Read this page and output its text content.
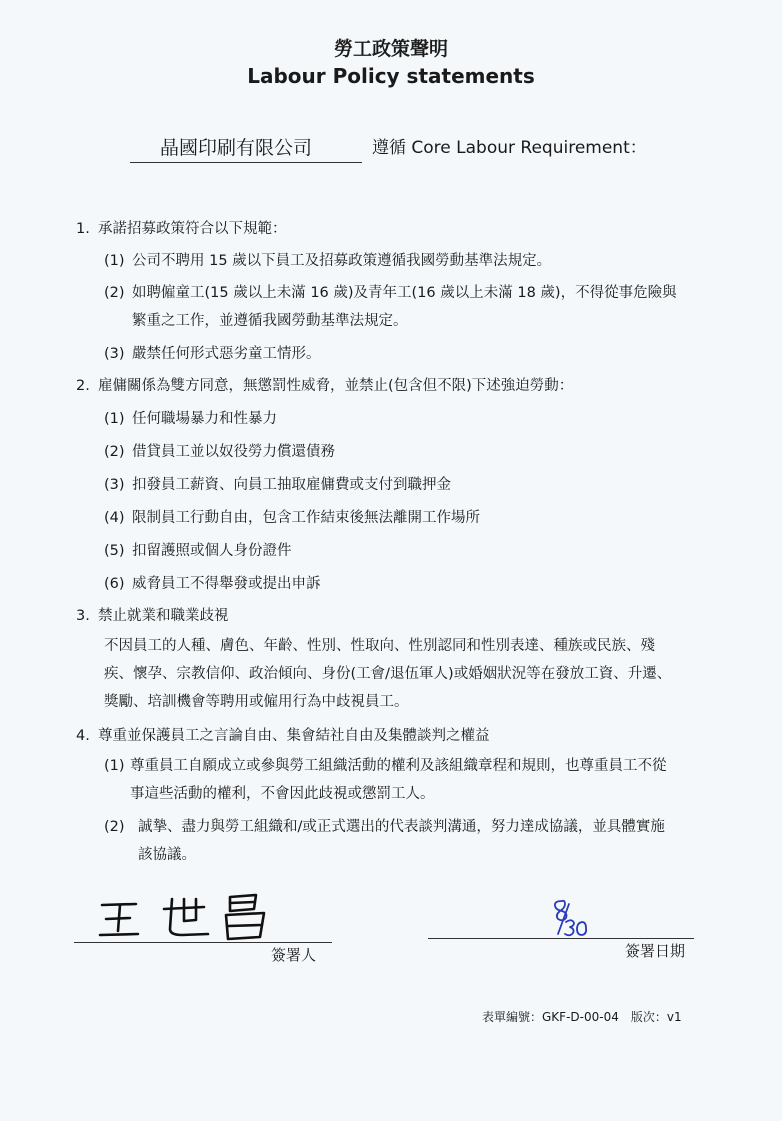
勞工政策聲明
Labour Policy statements
晶國印刷有限公司	遵循 Core Labour Requirement：
1. 承諾招募政策符合以下規範：
(1) 公司不聘用 15 歲以下員工及招募政策遵循我國勞動基準法規定。
(2) 如聘僱童工(15 歲以上未滿 16 歲)及青年工(16 歲以上未滿 18 歲)，不得從事危險與
繁重之工作，並遵循我國勞動基準法規定。
(3) 嚴禁任何形式惡劣童工情形。
2. 雇傭關係為雙方同意，無懲罰性威脅，並禁止(包含但不限)下述強迫勞動：
(1) 任何職場暴力和性暴力
(2) 借貸員工並以奴役勞力償還債務
(3) 扣發員工薪資、向員工抽取雇傭費或支付到職押金
(4) 限制員工行動自由，包含工作結束後無法離開工作場所
(5) 扣留護照或個人身份證件
(6) 威脅員工不得舉發或提出申訴
3. 禁止就業和職業歧視
不因員工的人種、膚色、年齡、性別、性取向、性別認同和性別表達、種族或民族、殘
疾、懷孕、宗教信仰、政治傾向、身份(工會/退伍軍人)或婚姻狀況等在發放工資、升遷、
獎勵、培訓機會等聘用或僱用行為中歧視員工。
4. 尊重並保護員工之言論自由、集會結社自由及集體談判之權益
(1) 尊重員工自願成立或參與勞工組織活動的權利及該組織章程和規則，也尊重員工不從
事這些活動的權利，不會因此歧視或懲罰工人。
(2) 誠摯、盡力與勞工組織和/或正式選出的代表談判溝通，努力達成協議，並具體實施
該協議。
簽署人	簽署日期
表單編號：GKF-D-00-04　版次：v1
